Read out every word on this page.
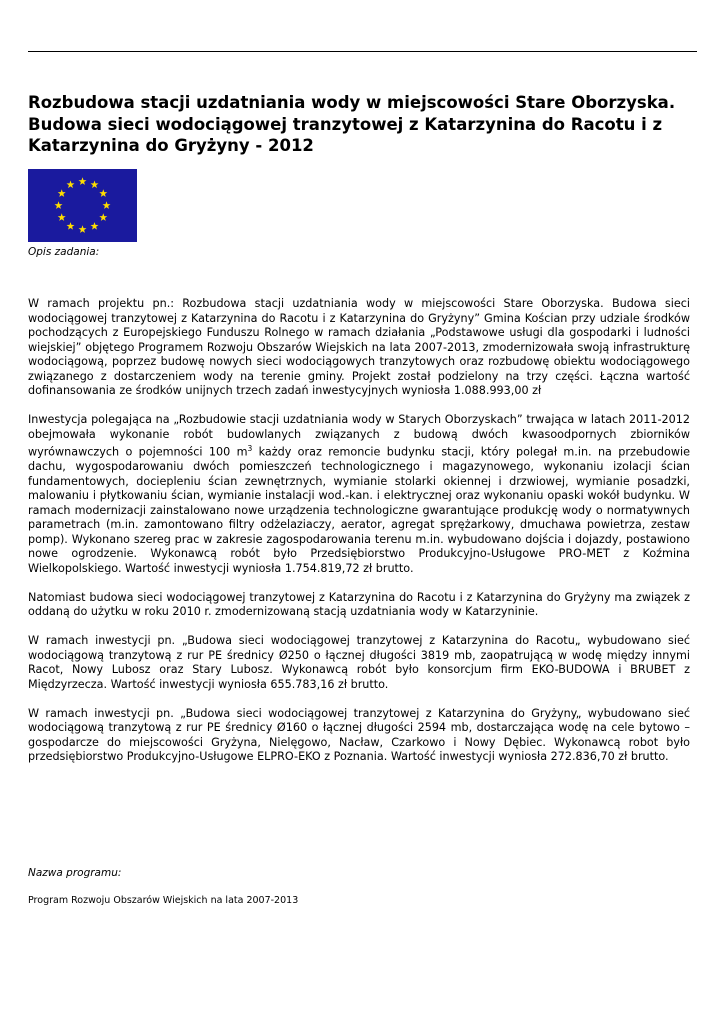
Rozbudowa stacji uzdatniania wody w miejscowości Stare Oborzyska. Budowa sieci wodociągowej tranzytowej z Katarzynina do Racotu i z Katarzynina do Gryżyny - 2012

Opis zadania:

W ramach projektu pn.: Rozbudowa stacji uzdatniania wody w miejscowości Stare Oborzyska. Budowa sieci wodociągowej tranzytowej z Katarzynina do Racotu i z Katarzynina do Gryżyny” Gmina Kościan przy udziale środków pochodzących z Europejskiego Funduszu Rolnego w ramach działania „Podstawowe usługi dla gospodarki i ludności wiejskiej” objętego Programem Rozwoju Obszarów Wiejskich na lata 2007-2013, zmodernizowała swoją infrastrukturę wodociągową, poprzez budowę nowych sieci wodociągowych tranzytowych oraz rozbudowę obiektu wodociągowego związanego z dostarczeniem wody na terenie gminy. Projekt został podzielony na trzy części. Łączna wartość dofinansowania ze środków unijnych trzech zadań inwestycyjnych wyniosła 1.088.993,00 zł

Inwestycja polegająca na „Rozbudowie stacji uzdatniania wody w Starych Oborzyskach” trwająca w latach 2011-2012 obejmowała wykonanie robót budowlanych związanych z budową dwóch kwasoodpornych zbiorników wyrównawczych o pojemności 100 $m^3$ każdy oraz remoncie budynku stacji, który polegał m.in. na przebudowie dachu, wygospodarowaniu dwóch pomieszczeń technologicznego i magazynowego, wykonaniu izolacji ścian fundamentowych, dociepleniu ścian zewnętrznych, wymianie stolarki okiennej i drzwiowej, wymianie posadzki, malowaniu i płytkowaniu ścian, wymianie instalacji wod.-kan. i elektrycznej oraz wykonaniu opaski wokół budynku. W ramach modernizacji zainstalowano nowe urządzenia technologiczne gwarantujące produkcję wody o normatywnych parametrach (m.in. zamontowano filtry odżelaziaczy, aerator, agregat sprężarkowy, dmuchawa powietrza, zestaw pomp). Wykonano szereg prac w zakresie zagospodarowania terenu m.in. wybudowano dojścia i dojazdy, postawiono nowe ogrodzenie. Wykonawcą robót było Przedsiębiorstwo Produkcyjno-Usługowe PRO-MET z Koźmina Wielkopolskiego. Wartość inwestycji wyniosła 1.754.819,72 zł brutto.

Natomiast budowa sieci wodociągowej tranzytowej z Katarzynina do Racotu i z Katarzynina do Gryżyny ma związek z oddaną do użytku w roku 2010 r. zmodernizowaną stacją uzdatniania wody w Katarzyninie.

W ramach inwestycji pn. „Budowa sieci wodociągowej tranzytowej z Katarzynina do Racotu„ wybudowano sieć wodociągową tranzytową z rur PE średnicy Ø250 o łącznej długości 3819 mb, zaopatrującą w wodę między innymi Racot, Nowy Lubosz oraz Stary Lubosz. Wykonawcą robót było konsorcjum firm EKO-BUDOWA i BRUBET z Międzyrzecza. Wartość inwestycji wyniosła 655.783,16 zł brutto.

W ramach inwestycji pn. „Budowa sieci wodociągowej tranzytowej z Katarzynina do Gryżyny„ wybudowano sieć wodociągową tranzytową z rur PE średnicy Ø160 o łącznej długości 2594 mb, dostarczająca wodę na cele bytowo – gospodarcze do miejscowości Gryżyna, Nielęgowo, Nacław, Czarkowo i Nowy Dębiec. Wykonawcą robot było przedsiębiorstwo Produkcyjno-Usługowe ELPRO-EKO z Poznania. Wartość inwestycji wyniosła 272.836,70 zł brutto.

Nazwa programu:

Program Rozwoju Obszarów Wiejskich na lata 2007-2013
